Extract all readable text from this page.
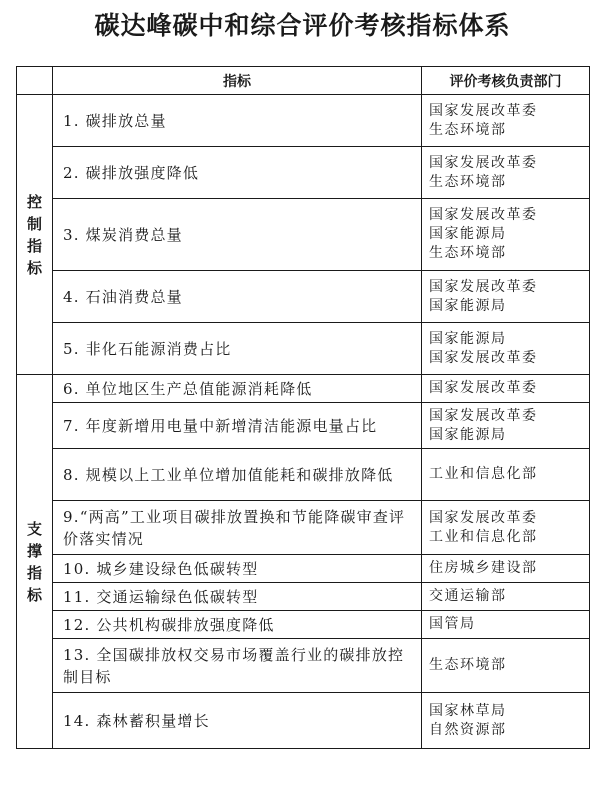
碳达峰碳中和综合评价考核指标体系
	指标	评价考核负责部门

控制指标	1. 碳排放总量	国家发展改革委
生态环境部

	2. 碳排放强度降低	国家发展改革委
生态环境部

	3. 煤炭消费总量	国家发展改革委
国家能源局
生态环境部

	4. 石油消费总量	国家发展改革委
国家能源局

	5. 非化石能源消费占比	国家能源局
国家发展改革委

支撑指标	6. 单位地区生产总值能源消耗降低	国家发展改革委

	7. 年度新增用电量中新增清洁能源电量占比	国家发展改革委
国家能源局

	8. 规模以上工业单位增加值能耗和碳排放降低	工业和信息化部

	9.“两高”工业项目碳排放置换和节能降碳审查评价落实情况	国家发展改革委
工业和信息化部

	10. 城乡建设绿色低碳转型	住房城乡建设部

	11. 交通运输绿色低碳转型	交通运输部

	12. 公共机构碳排放强度降低	国管局

	13. 全国碳排放权交易市场覆盖行业的碳排放控制目标	生态环境部

	14. 森林蓄积量增长	国家林草局
自然资源部
